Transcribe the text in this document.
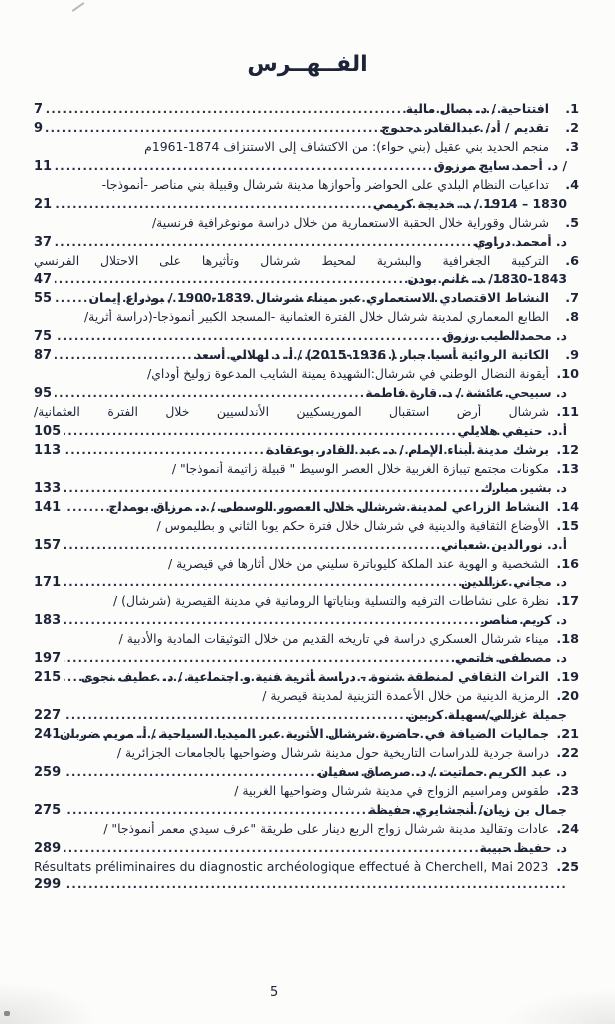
الفــهــرس
1.
افتتاحية / د. بصال مالية
.....
7
2.
تقديم / أد/ عبدالقادر دحدوح
.....
9
3.
منجم الحديد بني عقيل (بني حواء): من الاكتشاف إلى الاستنزاف 1874-1961م
/ د. أحمد سايح مرزوق
.....
11
4.
تداعيات النظام البلدي على الحواضر وأحوازها مدينة شرشال وقبيلة بني مناصر -أنموذجا-
1830 – 1914 / د. خديجة كريمي
.....
21
5.
شرشال وقوراية خلال الحقبة الاستعمارية من خلال دراسة مونوغرافية فرنسية/
د. أمحمد دراوي
.....
37
6.
التركيبة الجغرافية والبشرية لمحيط شرشال وتأثيرها على الاحتلال الفرنسي
1830-1843/ د. غانم بودن
.....
47
7.
النشاط الاقتصادي الاستعماري عبر ميناء شرشال 1839-1900 / بوذراع إيمان
.....
55
8.
الطابع المعماري لمدينة شرشال خلال الفترة العثمانية -المسجد الكبير أنموذجا-(دراسة أثرية/
د. محمدالطيب رزوق
.....
75
9.
الكاتبة الروائية أسيا جبار ( 1936-2015) / أ. د لهلالي أسعد
.....
87
10.
أيقونة النضال الوطني في شرشال:الشهيدة يمينة الشايب المدعوة زوليخ أوداي/
د. سبيحي عائشة / د. قارة فاطمة
.....
95
11.
شرشال أرض استقبال الموريسكيين الأندلسيين خلال الفترة العثمانية/
أ.د. حنيفي هلايلي
.....
105
12.
برشك مدينة أبناء الإمام / د. عبد القادر بوعقادة
.....
113
13.
مكونات مجتمع تيبازة الغربية خلال العصر الوسيط " قبيلة زاتيمة أنموذجا" /
د. بشير مبارك
.....
133
14.
النشاط الزراعي لمدينة شرشال خلال العصور الوسطى / د. مرزاق بومداح
.....
141
15.
الأوضاع الثقافية والدينية في شرشال خلال فترة حكم يوبا الثاني و بطليموس /
أ.د. نورالدين شعباني
.....
157
16.
الشخصية و الهوية عند الملكة كليوباترة سليني من خلال أثارها في قيصرية /
د. مجاني عزالدين
.....
171
17.
نظرة على نشاطات الترفيه والتسلية وبناياتها الرومانية في مدينة القيصرية (شرشال) /
د. كريم مناصر
.....
183
18.
ميناء شرشال العسكري دراسة في تاريخه القديم من خلال التوثيقات المادية والأدبية /
د. مصطفى خاتمي
.....
197
19.
التراث الثقافي لمنطقة شنوة – دراسة أثرية فنية و اجتماعية / د. عطيف نجوى
.....
215
20.
الرمزية الدينية من خلال الأعمدة التزينية لمدينة قيصرية /
جميلة غزالي/سهيلة كربين
.....
227
21.
جماليات الضيافة في حاضرة شرشال الأثرية عبر الميديا السياحية / أ. مريم ضربان
.....
241
22.
دراسة جردية للدراسات التاريخية حول مدينة شرشال وضواحيها بالجامعات الجزائرية /
د. عبد الكريم حماتيت / د. صرصاق سفيان
.....
259
23.
طقوس ومراسيم الزواج في مدينة شرشال وضواحيها الغربية /
جمال بن زيان/ أنجشايري حفيظة
.....
275
24.
عادات وتقاليد مدينة شرشال زواج الربع دينار على طريقة "عرف سيدي معمر أنموذجا" /
د. حفيظ حبيبة
.....
289
25.
Résultats préliminaires du diagnostic archéologique effectué à Cherchell, Mai 2023
.....
299
5
